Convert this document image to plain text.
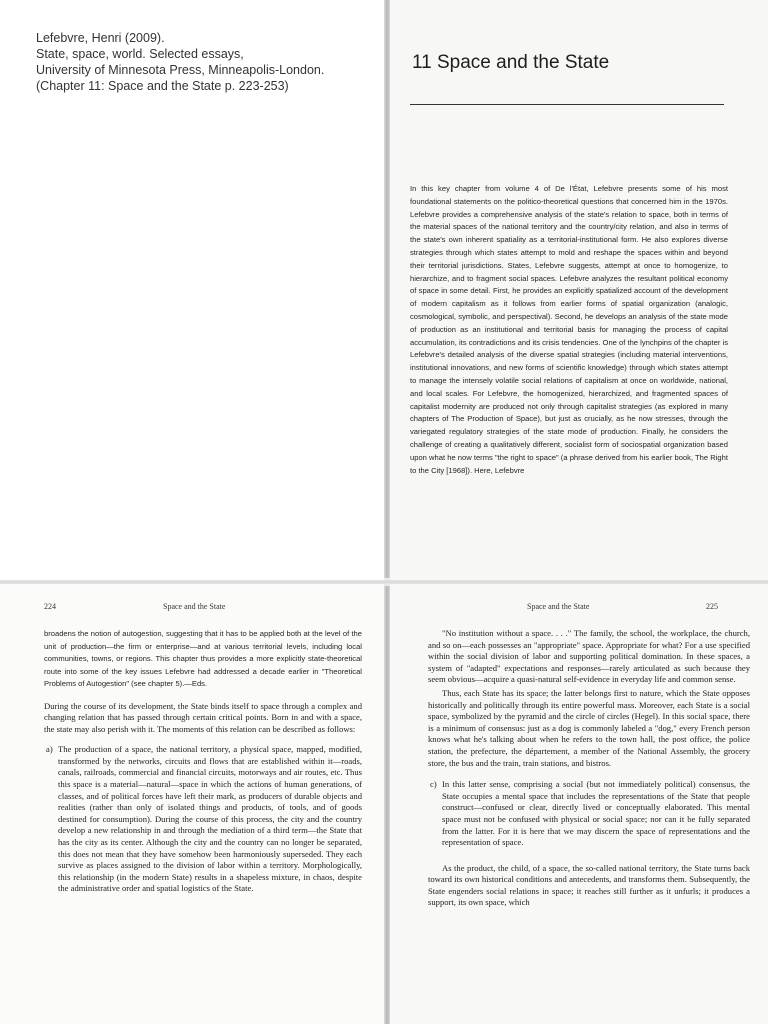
Lefebvre, Henri (2009).
State, space, world. Selected essays,
University of Minnesota Press, Minneapolis-London.
(Chapter 11: Space and the State p. 223-253)
11 Space and the State
In this key chapter from volume 4 of De l'État, Lefebvre presents some of his most foundational statements on the politico-theoretical questions that concerned him in the 1970s. Lefebvre provides a comprehensive analysis of the state's relation to space, both in terms of the material spaces of the national territory and the country/city relation, and also in terms of the state's own inherent spatiality as a territorial-institutional form. He also explores diverse strategies through which states attempt to mold and reshape the spaces within and beyond their territorial jurisdictions. States, Lefebvre suggests, attempt at once to homogenize, to hierarchize, and to fragment social spaces. Lefebvre analyzes the resultant political economy of space in some detail. First, he provides an explicitly spatialized account of the development of modern capitalism as it follows from earlier forms of spatial organization (analogic, cosmological, symbolic, and perspectival). Second, he develops an analysis of the state mode of production as an institutional and territorial basis for managing the process of capital accumulation, its contradictions and its crisis tendencies. One of the lynchpins of the chapter is Lefebvre's detailed analysis of the diverse spatial strategies (including material interventions, institutional innovations, and new forms of scientific knowledge) through which states attempt to manage the intensely volatile social relations of capitalism at once on worldwide, national, and local scales. For Lefebvre, the homogenized, hierarchized, and fragmented spaces of capitalist modernity are produced not only through capitalist strategies (as explored in many chapters of The Production of Space), but just as crucially, as he now stresses, through the variegated regulatory strategies of the state mode of production. Finally, he considers the challenge of creating a qualitatively different, socialist form of sociospatial organization based upon what he now terms "the right to space" (a phrase derived from his earlier book, The Right to the City [1968]). Here, Lefebvre
224	Space and the State

broadens the notion of autogestion, suggesting that it has to be applied both at the level of the unit of production—the firm or enterprise—and at various territorial levels, including local communities, towns, or regions. This chapter thus provides a more explicitly state-theoretical route into some of the key issues Lefebvre had addressed a decade earlier in "Theoretical Problems of Autogestion" (see chapter 5).—Eds.

During the course of its development, the State binds itself to space through a complex and changing relation that has passed through certain critical points. Born in and with a space, the state may also perish with it. The moments of this relation can be described as follows:

a) The production of a space, the national territory, a physical space, mapped, modified, transformed by the networks, circuits and flows that are established within it—roads, canals, railroads, commercial and financial circuits, motorways and air routes, etc. Thus this space is a material—natural—space in which the actions of human generations, of classes, and of political forces have left their mark, as producers of durable objects and realities (rather than only of isolated things and products, of tools, and of goods destined for consumption). During the course of this process, the city and the country develop a new relationship in and through the mediation of a third term—the State that has the city as its center. Although the city and the country can no longer be separated, this does not mean that they have somehow been harmoniously superseded. They each survive as places assigned to the division of labor within a territory. Morphologically, this relationship (in the modern State) results in a shapeless mixture, in chaos, despite the administrative order and spatial logistics of the State.
Space and the State	225

"No institution without a space. . . ." The family, the school, the workplace, the church, and so on—each possesses an "appropriate" space. Appropriate for what? For a use specified within the social division of labor and supporting political domination. In these spaces, a system of "adapted" expectations and responses—rarely articulated as such because they seem obvious—acquire a quasi-natural self-evidence in everyday life and common sense.

Thus, each State has its space; the latter belongs first to nature, which the State opposes historically and politically through its entire powerful mass. Moreover, each State is a social space, symbolized by the pyramid and the circle of circles (Hegel). In this social space, there is a minimum of consensus: just as a dog is commonly labeled a "dog," every French person knows what he's talking about when he refers to the town hall, the post office, the police station, the prefecture, the département, a member of the National Assembly, the grocery store, the bus and the train, train stations, and bistros.

c) In this latter sense, comprising a social (but not immediately political) consensus, the State occupies a mental space that includes the representations of the State that people construct—confused or clear, directly lived or conceptually elaborated. This mental space must not be confused with physical or social space; nor can it be fully separated from the latter. For it is here that we may discern the space of representations and the representation of space.

As the product, the child, of a space, the so-called national territory, the State turns back toward its own historical conditions and antecedents, and transforms them. Subsequently, the State engenders social relations in space; it reaches still further as it unfurls; it produces a support, its own space, which
